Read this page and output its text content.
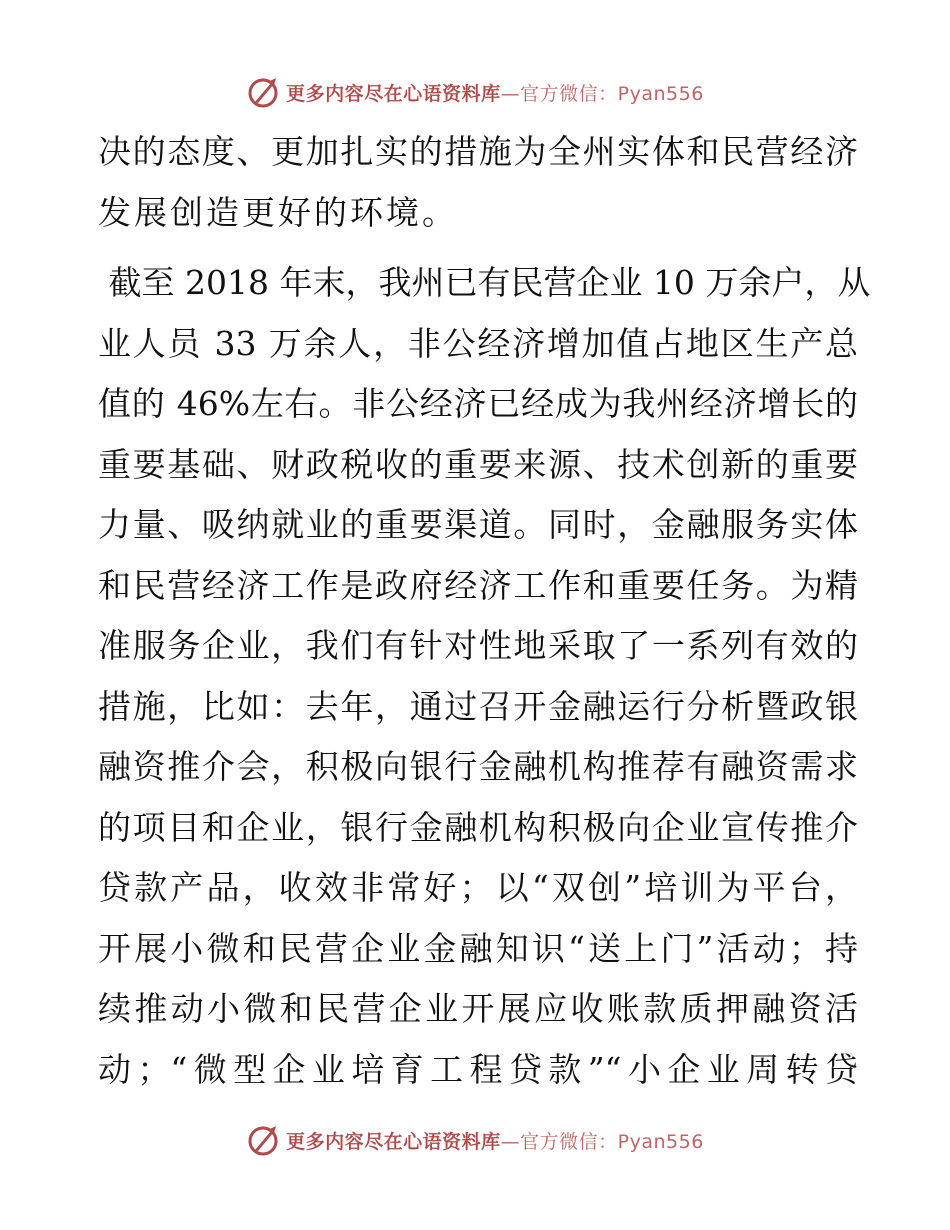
更多内容尽在心语资料库—官方微信：Pyan556
决的态度、更加扎实的措施为全州实体和民营经济
发展创造更好的环境。
截至 2018 年末，我州已有民营企业 10 万余户，从
业人员 33 万余人，非公经济增加值占地区生产总
值的 46%左右。非公经济已经成为我州经济增长的
重要基础、财政税收的重要来源、技术创新的重要
力量、吸纳就业的重要渠道。同时，金融服务实体
和民营经济工作是政府经济工作和重要任务。为精
准服务企业，我们有针对性地采取了一系列有效的
措施，比如：去年，通过召开金融运行分析暨政银
融资推介会，积极向银行金融机构推荐有融资需求
的项目和企业，银行金融机构积极向企业宣传推介
贷款产品，收效非常好；以“双创”培训为平台，
开展小微和民营企业金融知识“送上门”活动；持
续推动小微和民营企业开展应收账款质押融资活
动；“微型企业培育工程贷款”“小企业周转贷
更多内容尽在心语资料库—官方微信：Pyan556
